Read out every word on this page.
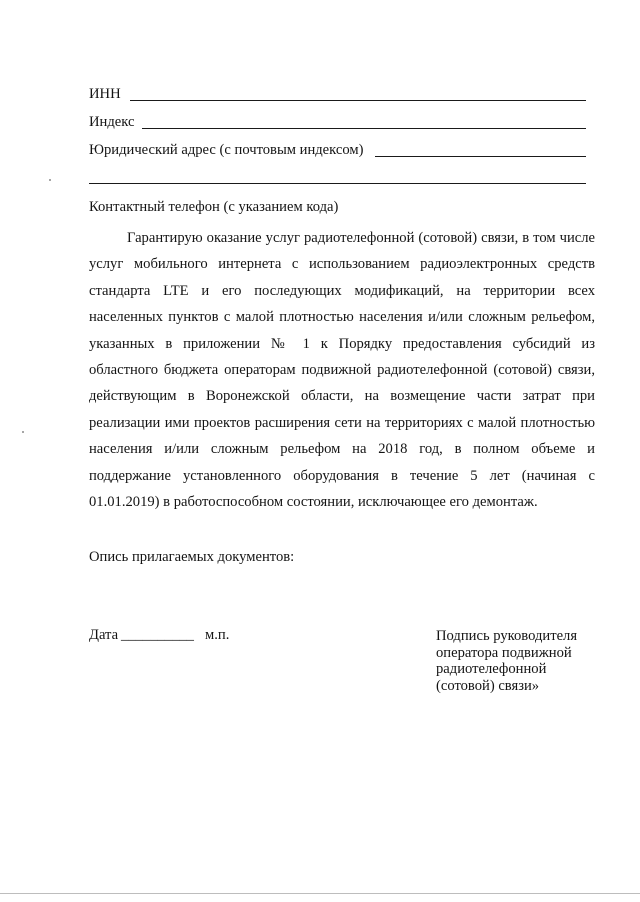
ИНН
Индекс
Юридический адрес (с почтовым индексом)
Контактный телефон (с указанием кода)
Гарантирую оказание услуг радиотелефонной (сотовой) связи, в том числе услуг мобильного интернета с использованием радиоэлектронных средств стандарта LTE и его последующих модификаций, на территории всех населенных пунктов с малой плотностью населения и/или сложным рельефом, указанных в приложении № 1 к Порядку предоставления субсидий из областного бюджета операторам подвижной радиотелефонной (сотовой) связи, действующим в Воронежской области, на возмещение части затрат при реализации ими проектов расширения сети на территориях с малой плотностью населения и/или сложным рельефом на 2018 год, в полном объеме и поддержание установленного оборудования в течение 5 лет (начиная с 01.01.2019) в работоспособном состоянии, исключающее его демонтаж.
Опись прилагаемых документов:
Дата __________ м.п.	Подпись руководителя оператора подвижной радиотелефонной (сотовой) связи»
